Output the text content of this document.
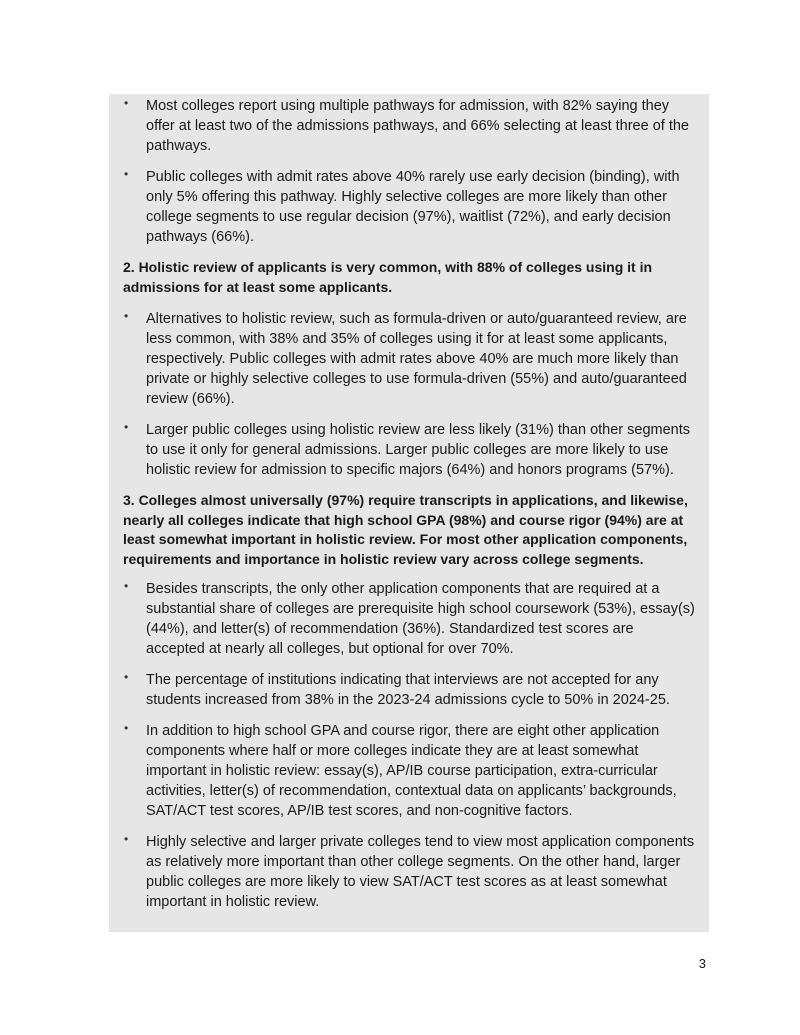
• Most colleges report using multiple pathways for admission, with 82% saying they offer at least two of the admissions pathways, and 66% selecting at least three of the pathways.
• Public colleges with admit rates above 40% rarely use early decision (binding), with only 5% offering this pathway. Highly selective colleges are more likely than other college segments to use regular decision (97%), waitlist (72%), and early decision pathways (66%).
2. Holistic review of applicants is very common, with 88% of colleges using it in admissions for at least some applicants.
• Alternatives to holistic review, such as formula-driven or auto/guaranteed review, are less common, with 38% and 35% of colleges using it for at least some applicants, respectively. Public colleges with admit rates above 40% are much more likely than private or highly selective colleges to use formula-driven (55%) and auto/guaranteed review (66%).
• Larger public colleges using holistic review are less likely (31%) than other segments to use it only for general admissions. Larger public colleges are more likely to use holistic review for admission to specific majors (64%) and honors programs (57%).
3. Colleges almost universally (97%) require transcripts in applications, and likewise, nearly all colleges indicate that high school GPA (98%) and course rigor (94%) are at least somewhat important in holistic review. For most other application components, requirements and importance in holistic review vary across college segments.
• Besides transcripts, the only other application components that are required at a substantial share of colleges are prerequisite high school coursework (53%), essay(s) (44%), and letter(s) of recommendation (36%). Standardized test scores are accepted at nearly all colleges, but optional for over 70%.
• The percentage of institutions indicating that interviews are not accepted for any students increased from 38% in the 2023-24 admissions cycle to 50% in 2024-25.
• In addition to high school GPA and course rigor, there are eight other application components where half or more colleges indicate they are at least somewhat important in holistic review: essay(s), AP/IB course participation, extra-curricular activities, letter(s) of recommendation, contextual data on applicants’ backgrounds, SAT/ACT test scores, AP/IB test scores, and non-cognitive factors.
• Highly selective and larger private colleges tend to view most application components as relatively more important than other college segments. On the other hand, larger public colleges are more likely to view SAT/ACT test scores as at least somewhat important in holistic review.
3
